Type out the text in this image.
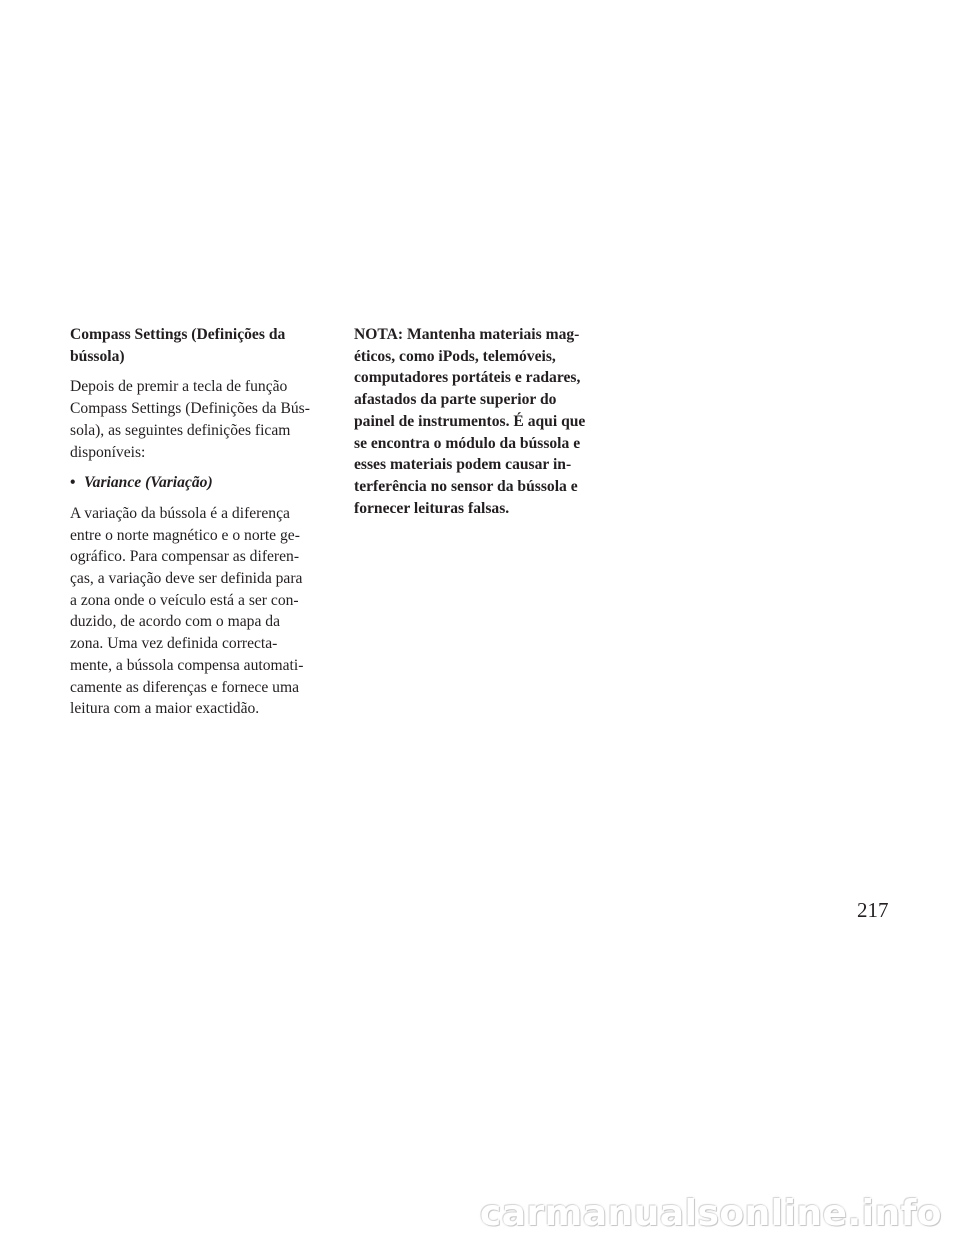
Compass Settings (Definições da
bússola)
Depois de premir a tecla de função
Compass Settings (Definições da Bús-
sola), as seguintes definições ficam
disponíveis:
• Variance (Variação)
A variação da bússola é a diferença
entre o norte magnético e o norte ge-
ográfico. Para compensar as diferen-
ças, a variação deve ser definida para
a zona onde o veículo está a ser con-
duzido, de acordo com o mapa da
zona. Uma vez definida correcta-
mente, a bússola compensa automati-
camente as diferenças e fornece uma
leitura com a maior exactidão.
NOTA: Mantenha materiais mag-
éticos, como iPods, telemóveis,
computadores portáteis e radares,
afastados da parte superior do
painel de instrumentos. É aqui que
se encontra o módulo da bússola e
esses materiais podem causar in-
terferência no sensor da bússola e
fornecer leituras falsas.
217
carmanualsonline.info
